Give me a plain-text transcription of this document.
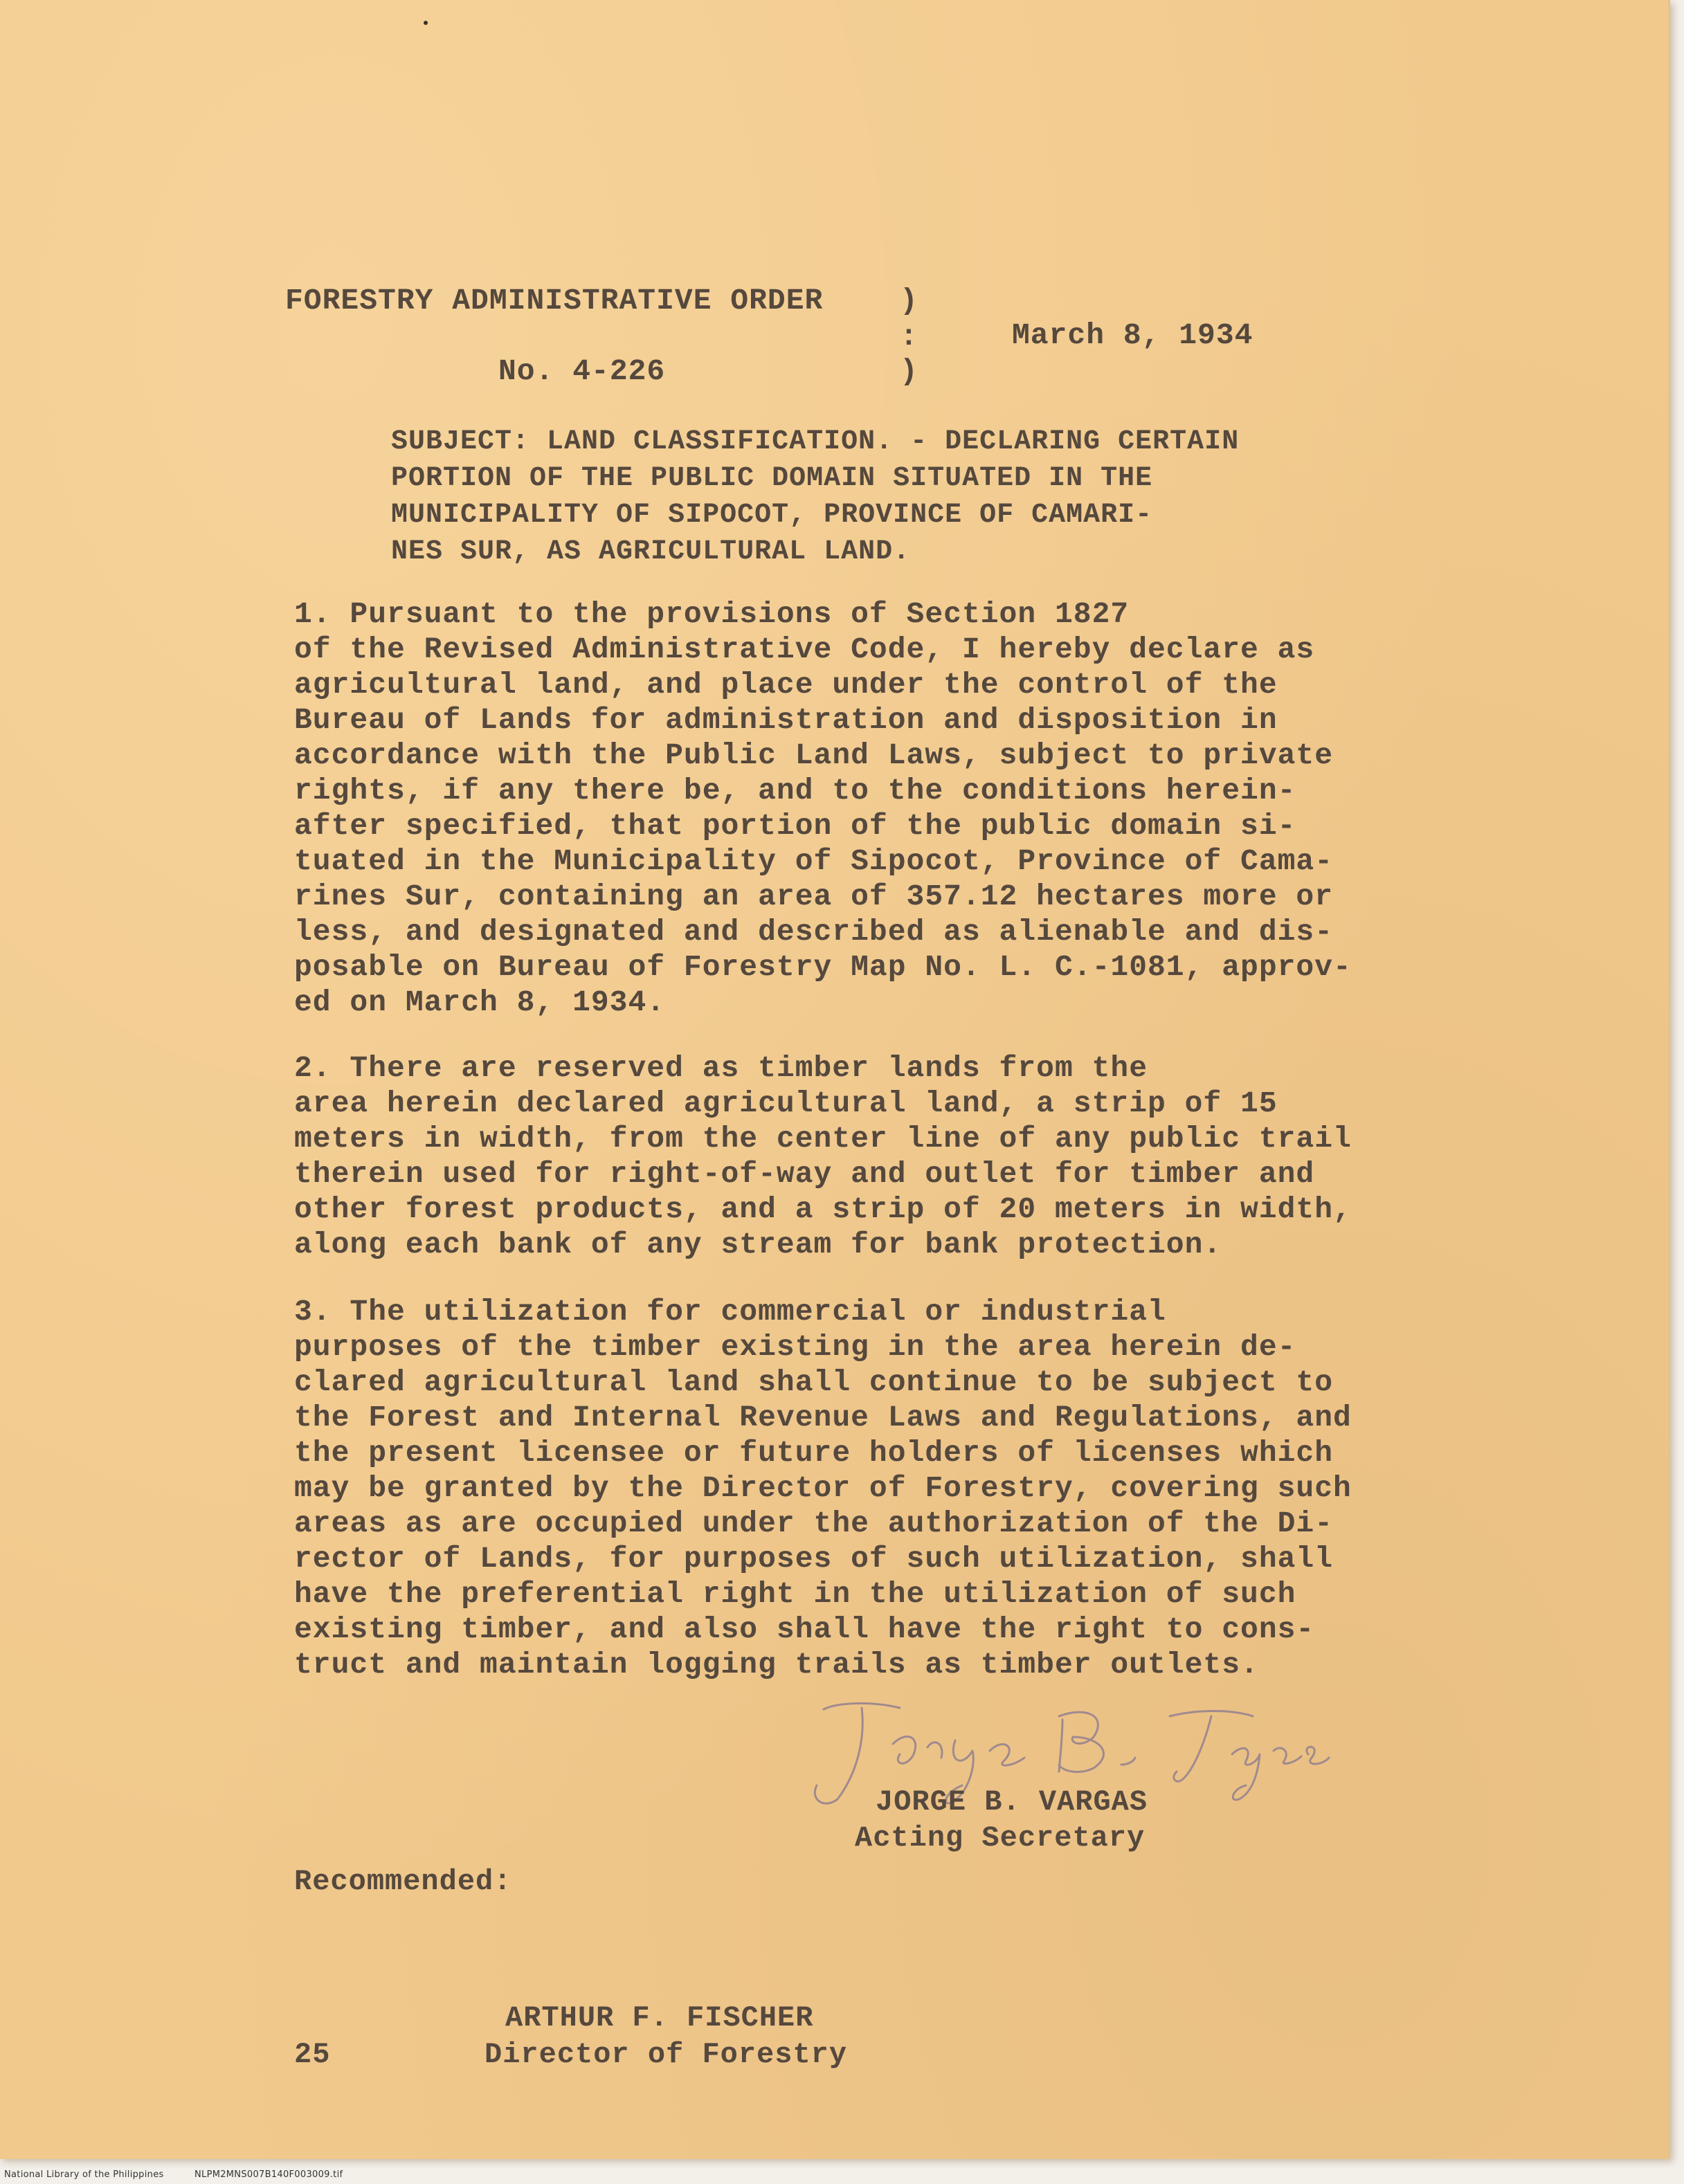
FORESTRY ADMINISTRATIVE ORDER	)
:
)
March 8, 1934
No. 4-226
SUBJECT: LAND CLASSIFICATION. - DECLARING CERTAIN
PORTION OF THE PUBLIC DOMAIN SITUATED IN THE
MUNICIPALITY OF SIPOCOT, PROVINCE OF CAMARI-
NES SUR, AS AGRICULTURAL LAND.
1. Pursuant to the provisions of Section 1827
of the Revised Administrative Code, I hereby declare as
agricultural land, and place under the control of the
Bureau of Lands for administration and disposition in
accordance with the Public Land Laws, subject to private
rights, if any there be, and to the conditions herein-
after specified, that portion of the public domain si-
tuated in the Municipality of Sipocot, Province of Cama-
rines Sur, containing an area of 357.12 hectares more or
less, and designated and described as alienable and dis-
posable on Bureau of Forestry Map No. L. C.-1081, approv-
ed on March 8, 1934.
2. There are reserved as timber lands from the
area herein declared agricultural land, a strip of 15
meters in width, from the center line of any public trail
therein used for right-of-way and outlet for timber and
other forest products, and a strip of 20 meters in width,
along each bank of any stream for bank protection.
3. The utilization for commercial or industrial
purposes of the timber existing in the area herein de-
clared agricultural land shall continue to be subject to
the Forest and Internal Revenue Laws and Regulations, and
the present licensee or future holders of licenses which
may be granted by the Director of Forestry, covering such
areas as are occupied under the authorization of the Di-
rector of Lands, for purposes of such utilization, shall
have the preferential right in the utilization of such
existing timber, and also shall have the right to cons-
truct and maintain logging trails as timber outlets.
JORGE B. VARGAS
Acting Secretary
Recommended:
25
ARTHUR F. FISCHER
Director of Forestry
National Library of the Philippines	NLPM2MNS007B140F003009.tif
